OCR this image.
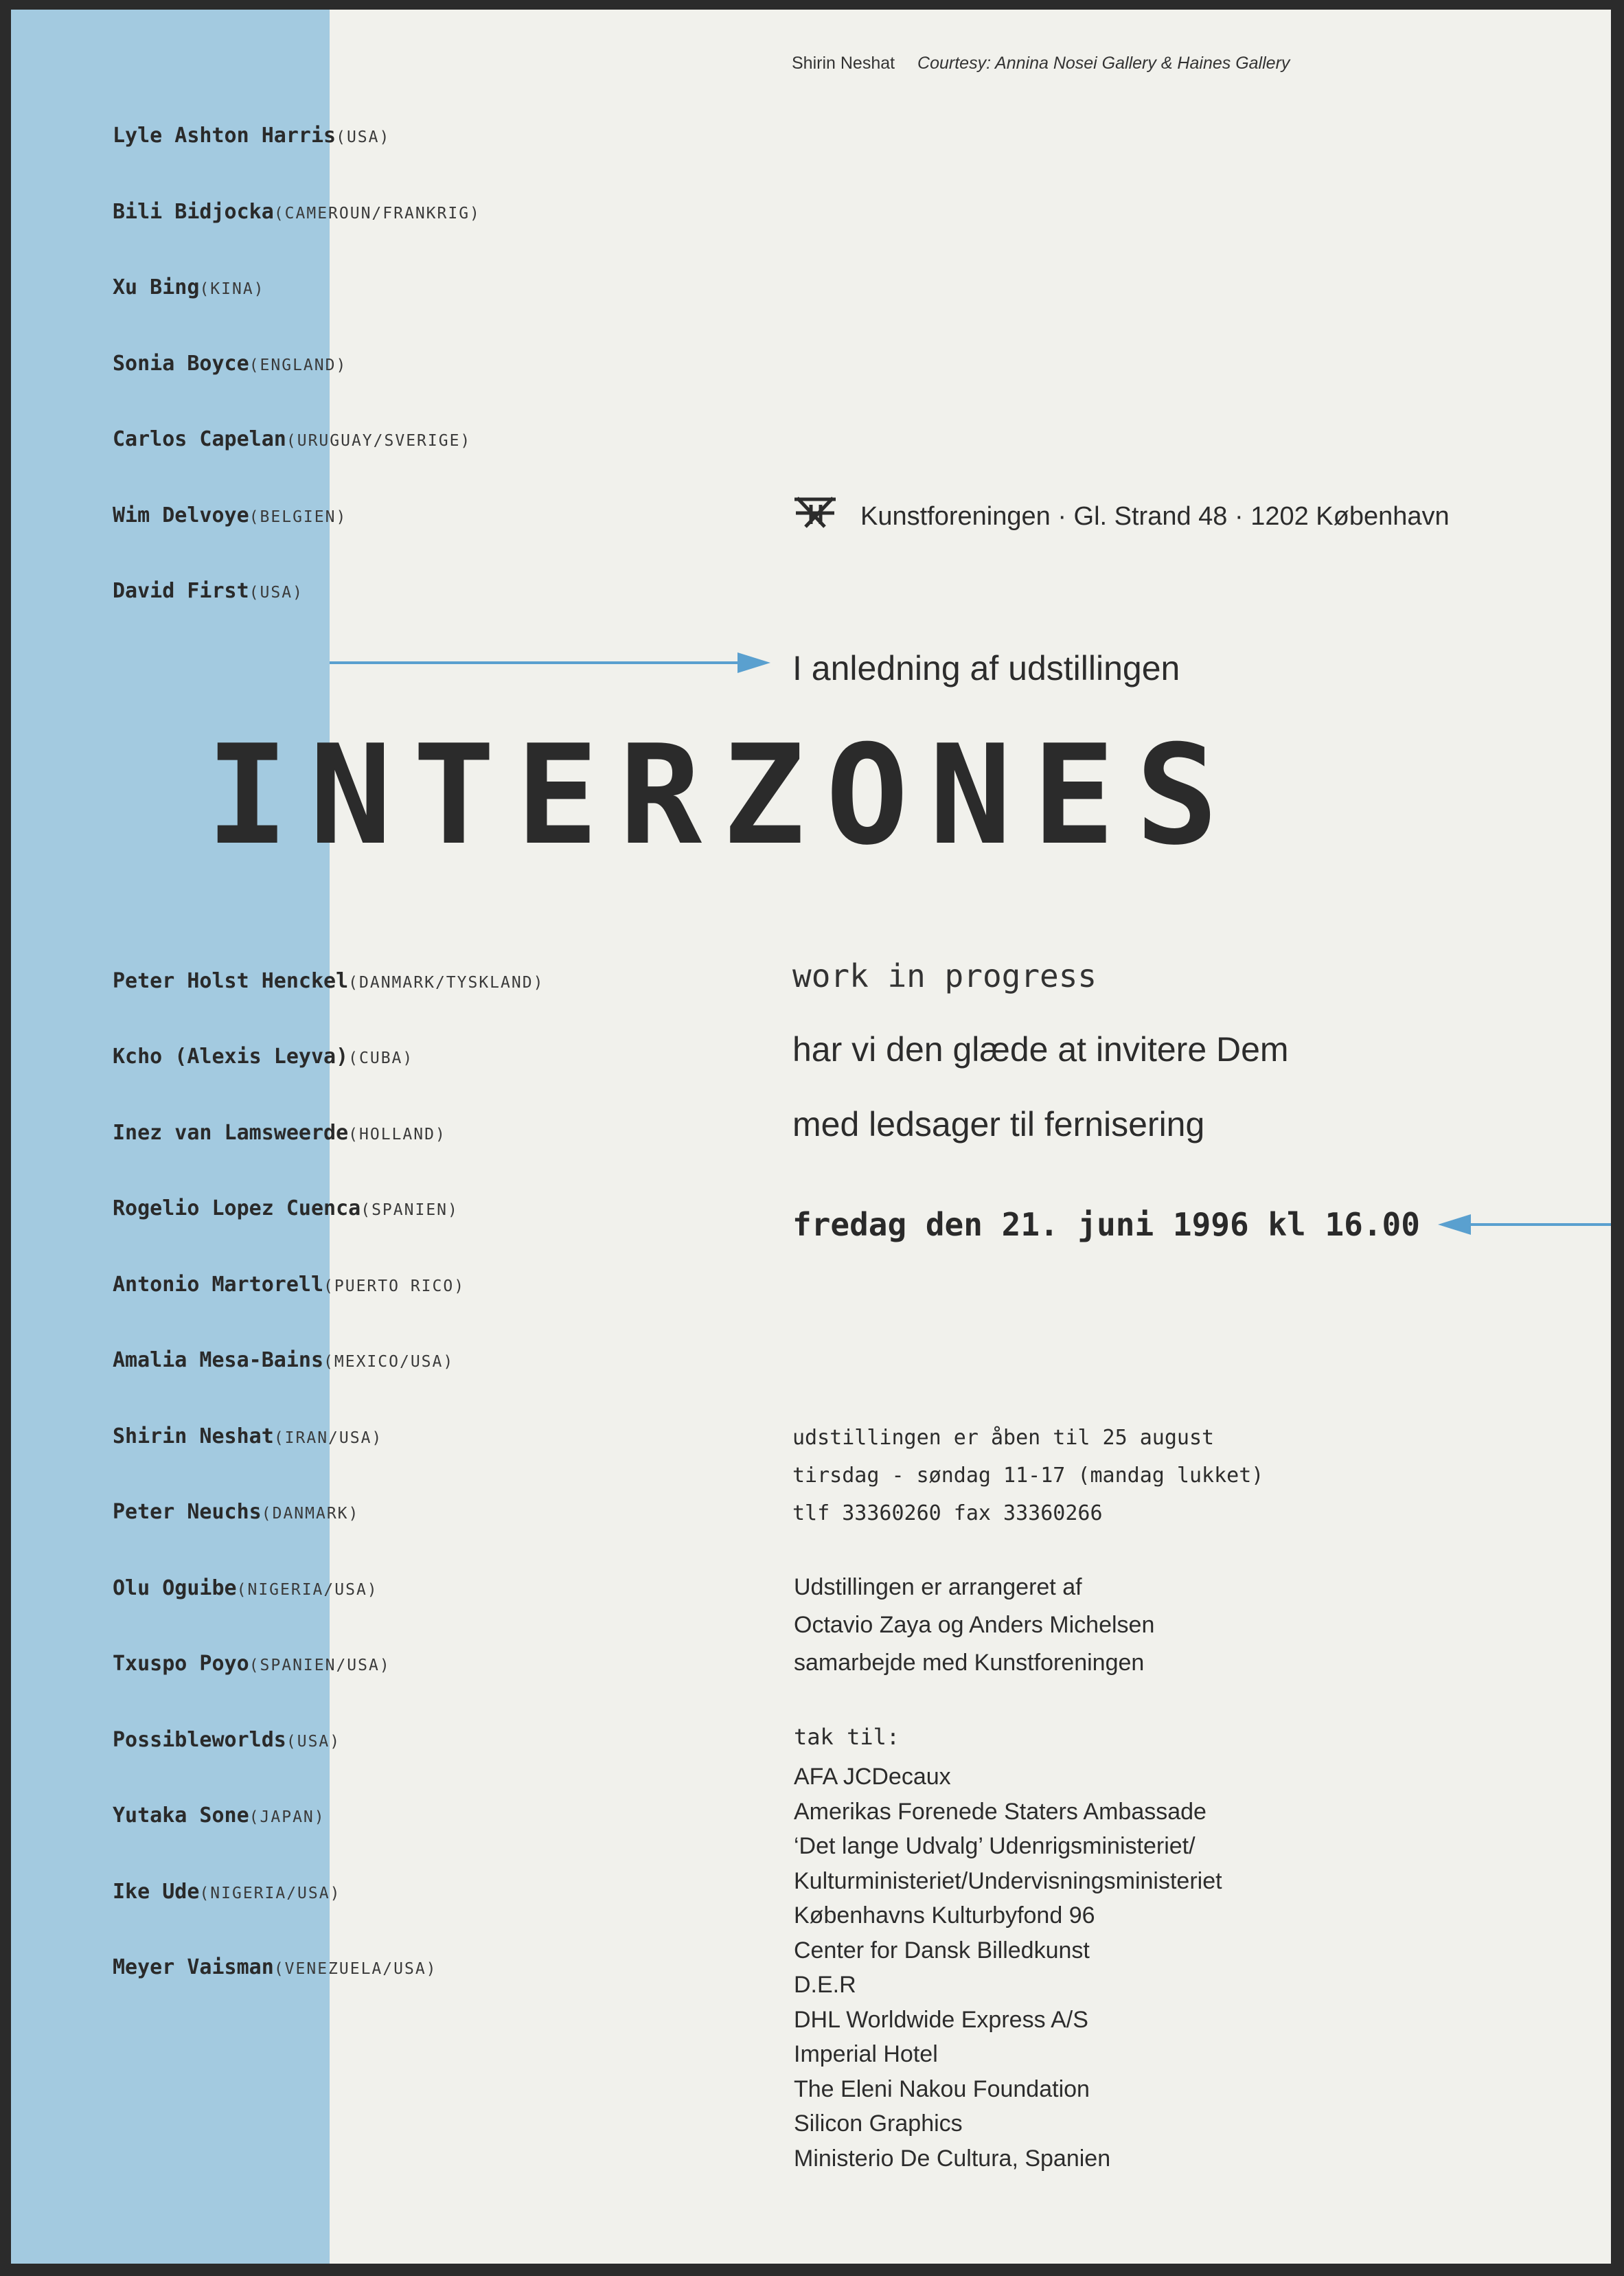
Shirin Neshat Courtesy: Annina Nosei Gallery & Haines Gallery
Lyle Ashton Harris(USA)
Bili Bidjocka(CAMEROUN/FRANKRIG)
Xu Bing(KINA)
Sonia Boyce(ENGLAND)
Carlos Capelan(URUGUAY/SVERIGE)
Wim Delvoye(BELGIEN)
David First(USA)
Peter Holst Henckel(DANMARK/TYSKLAND)
Kcho (Alexis Leyva)(CUBA)
Inez van Lamsweerde(HOLLAND)
Rogelio Lopez Cuenca(SPANIEN)
Antonio Martorell(PUERTO RICO)
Amalia Mesa-Bains(MEXICO/USA)
Shirin Neshat(IRAN/USA)
Peter Neuchs(DANMARK)
Olu Oguibe(NIGERIA/USA)
Txuspo Poyo(SPANIEN/USA)
Possibleworlds(USA)
Yutaka Sone(JAPAN)
Ike Ude(NIGERIA/USA)
Meyer Vaisman(VENEZUELA/USA)
Kunstforeningen · Gl. Strand 48 · 1202 København
I anledning af udstillingen
INTERZONES
work in progress
har vi den glæde at invitere Dem
med ledsager til fernisering
fredag den 21. juni 1996 kl 16.00
udstillingen er åben til 25 august
tirsdag - søndag 11-17 (mandag lukket)
tlf 33360260 fax 33360266
Udstillingen er arrangeret af
Octavio Zaya og Anders Michelsen
samarbejde med Kunstforeningen
tak til:
AFA JCDecaux
Amerikas Forenede Staters Ambassade
‘Det lange Udvalg’ Udenrigsministeriet/
Kulturministeriet/Undervisningsministeriet
Københavns Kulturbyfond 96
Center for Dansk Billedkunst
D.E.R
DHL Worldwide Express A/S
Imperial Hotel
The Eleni Nakou Foundation
Silicon Graphics
Ministerio De Cultura, Spanien
